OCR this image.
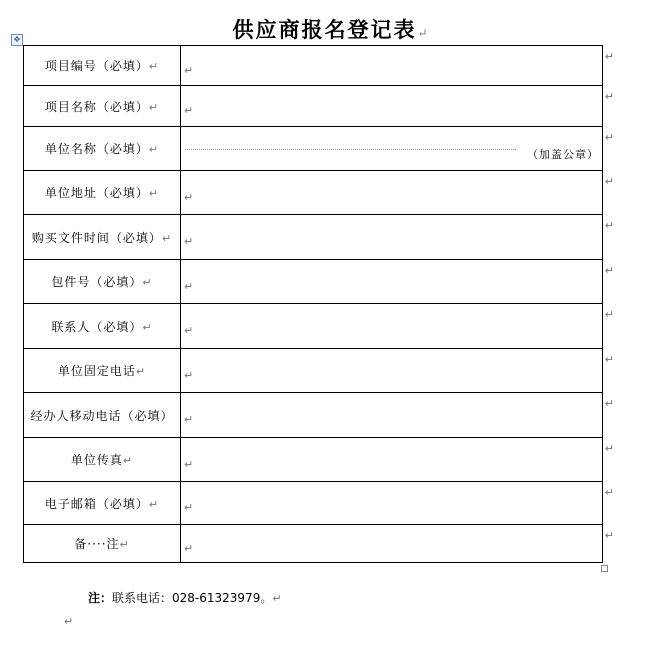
供应商报名登记表↵
✥
项目编号（必填）↵	↵
↵

项目名称（必填）↵	↵
↵

单位名称（必填）↵	（加盖公章）
↵

单位地址（必填）↵	↵
↵

购买文件时间（必填）↵	↵
↵

包件号（必填）↵	↵
↵

联系人（必填）↵	↵
↵

单位固定电话↵	↵
↵

经办人移动电话（必填）	↵
↵

单位传真↵	↵
↵

电子邮箱（必填）↵	↵
↵

备····注↵	↵
↵
注：联系电话：028-61323979。↵
↵
